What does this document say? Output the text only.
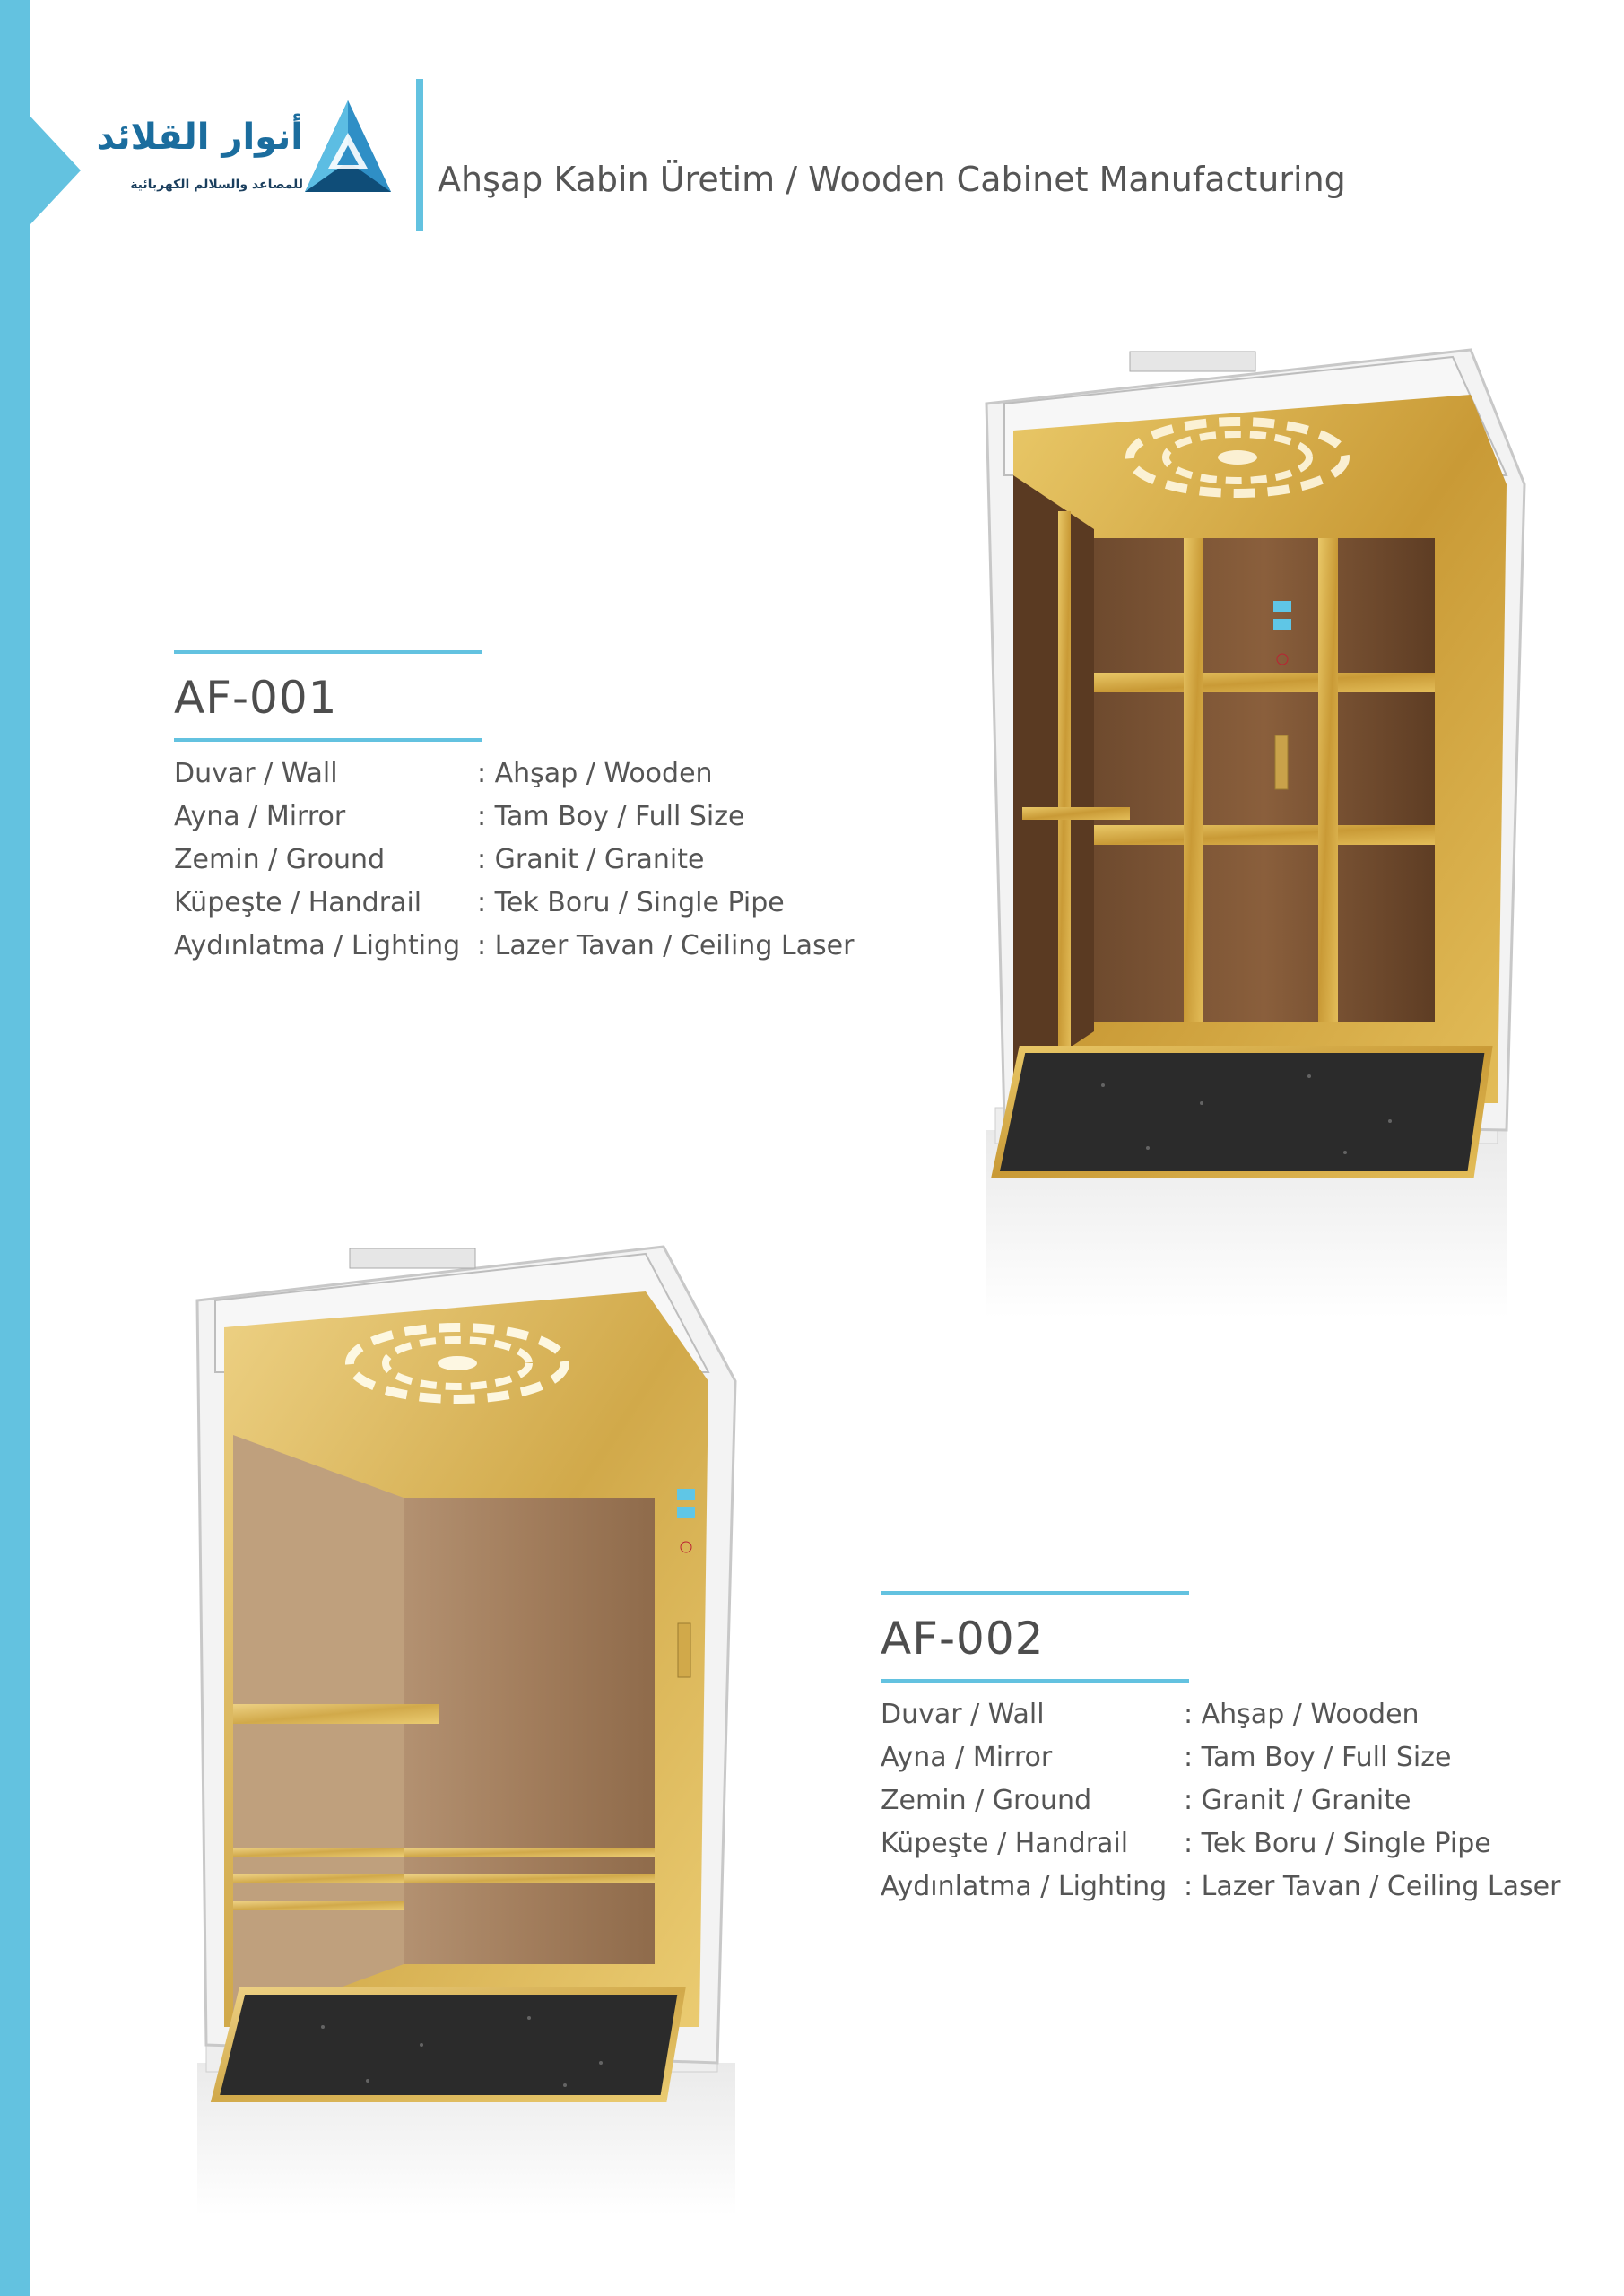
أنوار القلائد
للمصاعد والسلالم الكهربائية	Ahşap Kabin Üretim / Wooden Cabinet Manufacturing
AF-001
Duvar / Wall	: Ahşap / Wooden
Ayna / Mirror	: Tam Boy / Full Size
Zemin / Ground	: Granit / Granite
Küpeşte / Handrail	: Tek Boru / Single Pipe
Aydınlatma / Lighting : Lazer Tavan / Ceiling Laser
AF-002
Duvar / Wall	: Ahşap / Wooden
Ayna / Mirror	: Tam Boy / Full Size
Zemin / Ground	: Granit / Granite
Küpeşte / Handrail	: Tek Boru / Single Pipe
Aydınlatma / Lighting : Lazer Tavan / Ceiling Laser
